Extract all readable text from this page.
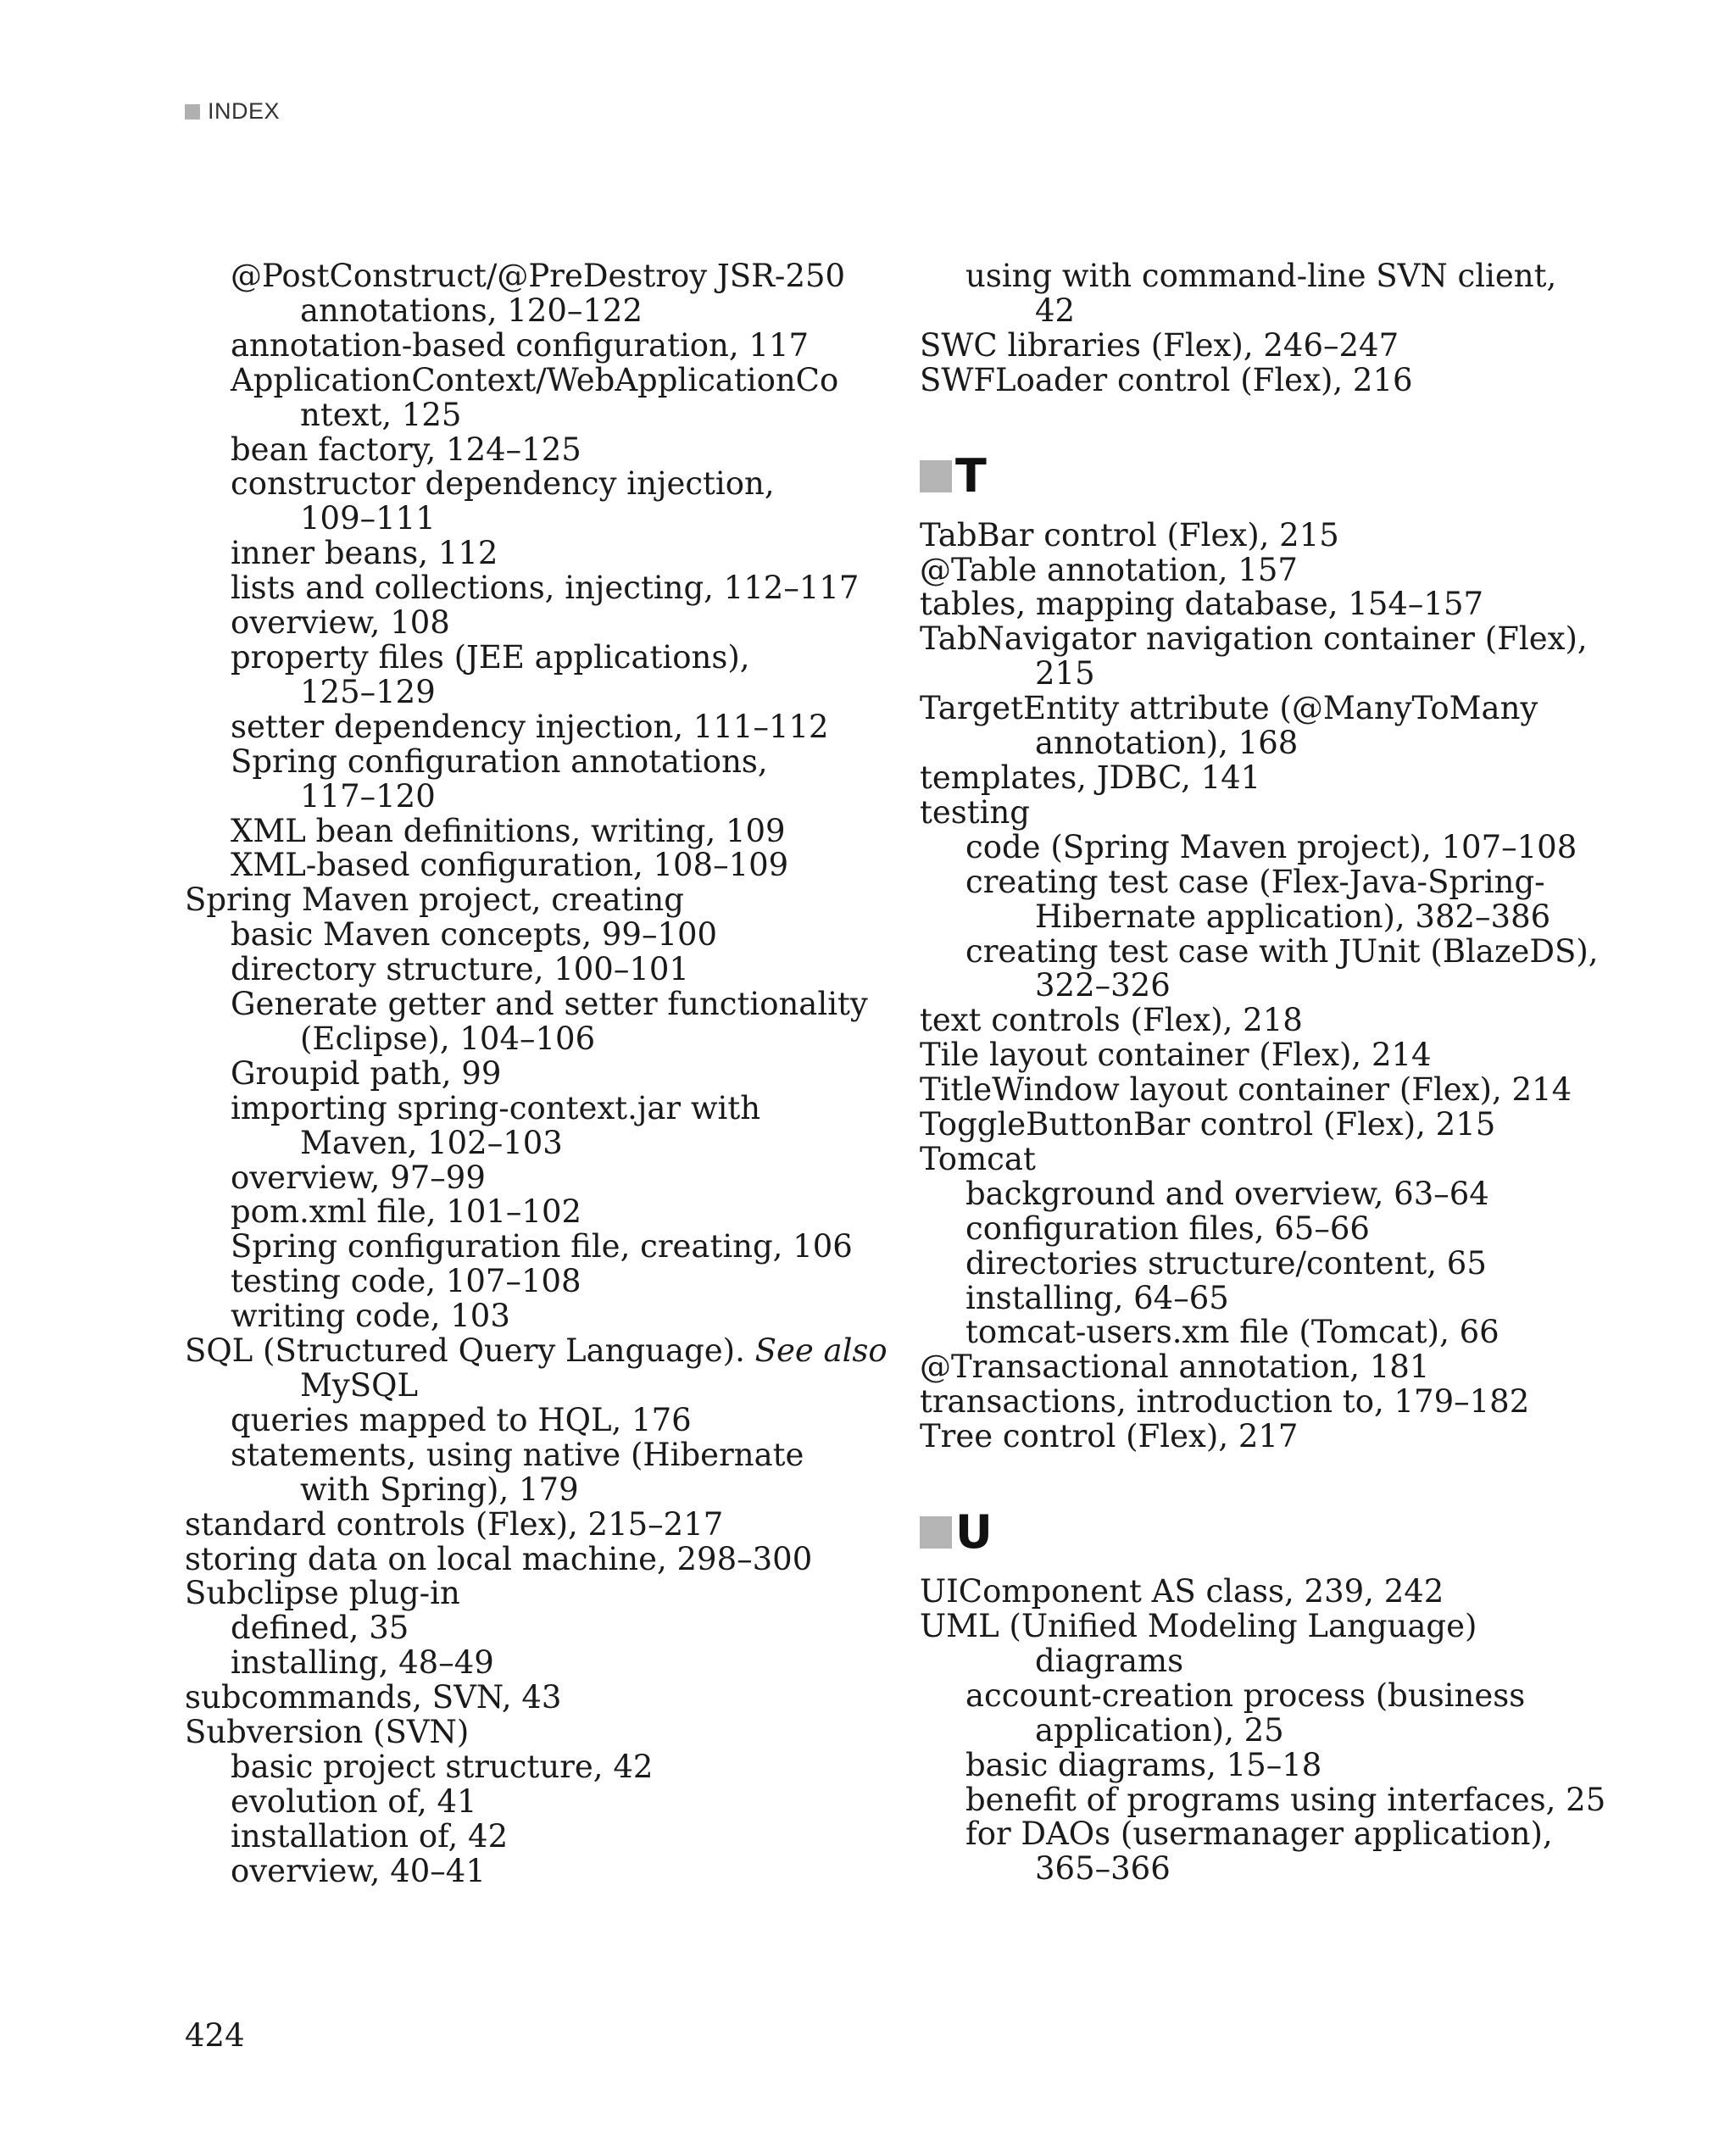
INDEX
@PostConstruct/@PreDestroy JSR-250
annotations, 120–122
annotation-based configuration, 117
ApplicationContext/WebApplicationCo
ntext, 125
bean factory, 124–125
constructor dependency injection,
109–111
inner beans, 112
lists and collections, injecting, 112–117
overview, 108
property files (JEE applications),
125–129
setter dependency injection, 111–112
Spring configuration annotations,
117–120
XML bean definitions, writing, 109
XML-based configuration, 108–109
Spring Maven project, creating
basic Maven concepts, 99–100
directory structure, 100–101
Generate getter and setter functionality
(Eclipse), 104–106
Groupid path, 99
importing spring-context.jar with
Maven, 102–103
overview, 97–99
pom.xml file, 101–102
Spring configuration file, creating, 106
testing code, 107–108
writing code, 103
SQL (Structured Query Language). See also
MySQL
queries mapped to HQL, 176
statements, using native (Hibernate
with Spring), 179
standard controls (Flex), 215–217
storing data on local machine, 298–300
Subclipse plug-in
defined, 35
installing, 48–49
subcommands, SVN, 43
Subversion (SVN)
basic project structure, 42
evolution of, 41
installation of, 42
overview, 40–41
using with command-line SVN client,
42
SWC libraries (Flex), 246–247
SWFLoader control (Flex), 216
T
TabBar control (Flex), 215
@Table annotation, 157
tables, mapping database, 154–157
TabNavigator navigation container (Flex),
215
TargetEntity attribute (@ManyToMany
annotation), 168
templates, JDBC, 141
testing
code (Spring Maven project), 107–108
creating test case (Flex-Java-Spring-
Hibernate application), 382–386
creating test case with JUnit (BlazeDS),
322–326
text controls (Flex), 218
Tile layout container (Flex), 214
TitleWindow layout container (Flex), 214
ToggleButtonBar control (Flex), 215
Tomcat
background and overview, 63–64
configuration files, 65–66
directories structure/content, 65
installing, 64–65
tomcat-users.xm file (Tomcat), 66
@Transactional annotation, 181
transactions, introduction to, 179–182
Tree control (Flex), 217
U
UIComponent AS class, 239, 242
UML (Unified Modeling Language)
diagrams
account-creation process (business
application), 25
basic diagrams, 15–18
benefit of programs using interfaces, 25
for DAOs (usermanager application),
365–366
424
